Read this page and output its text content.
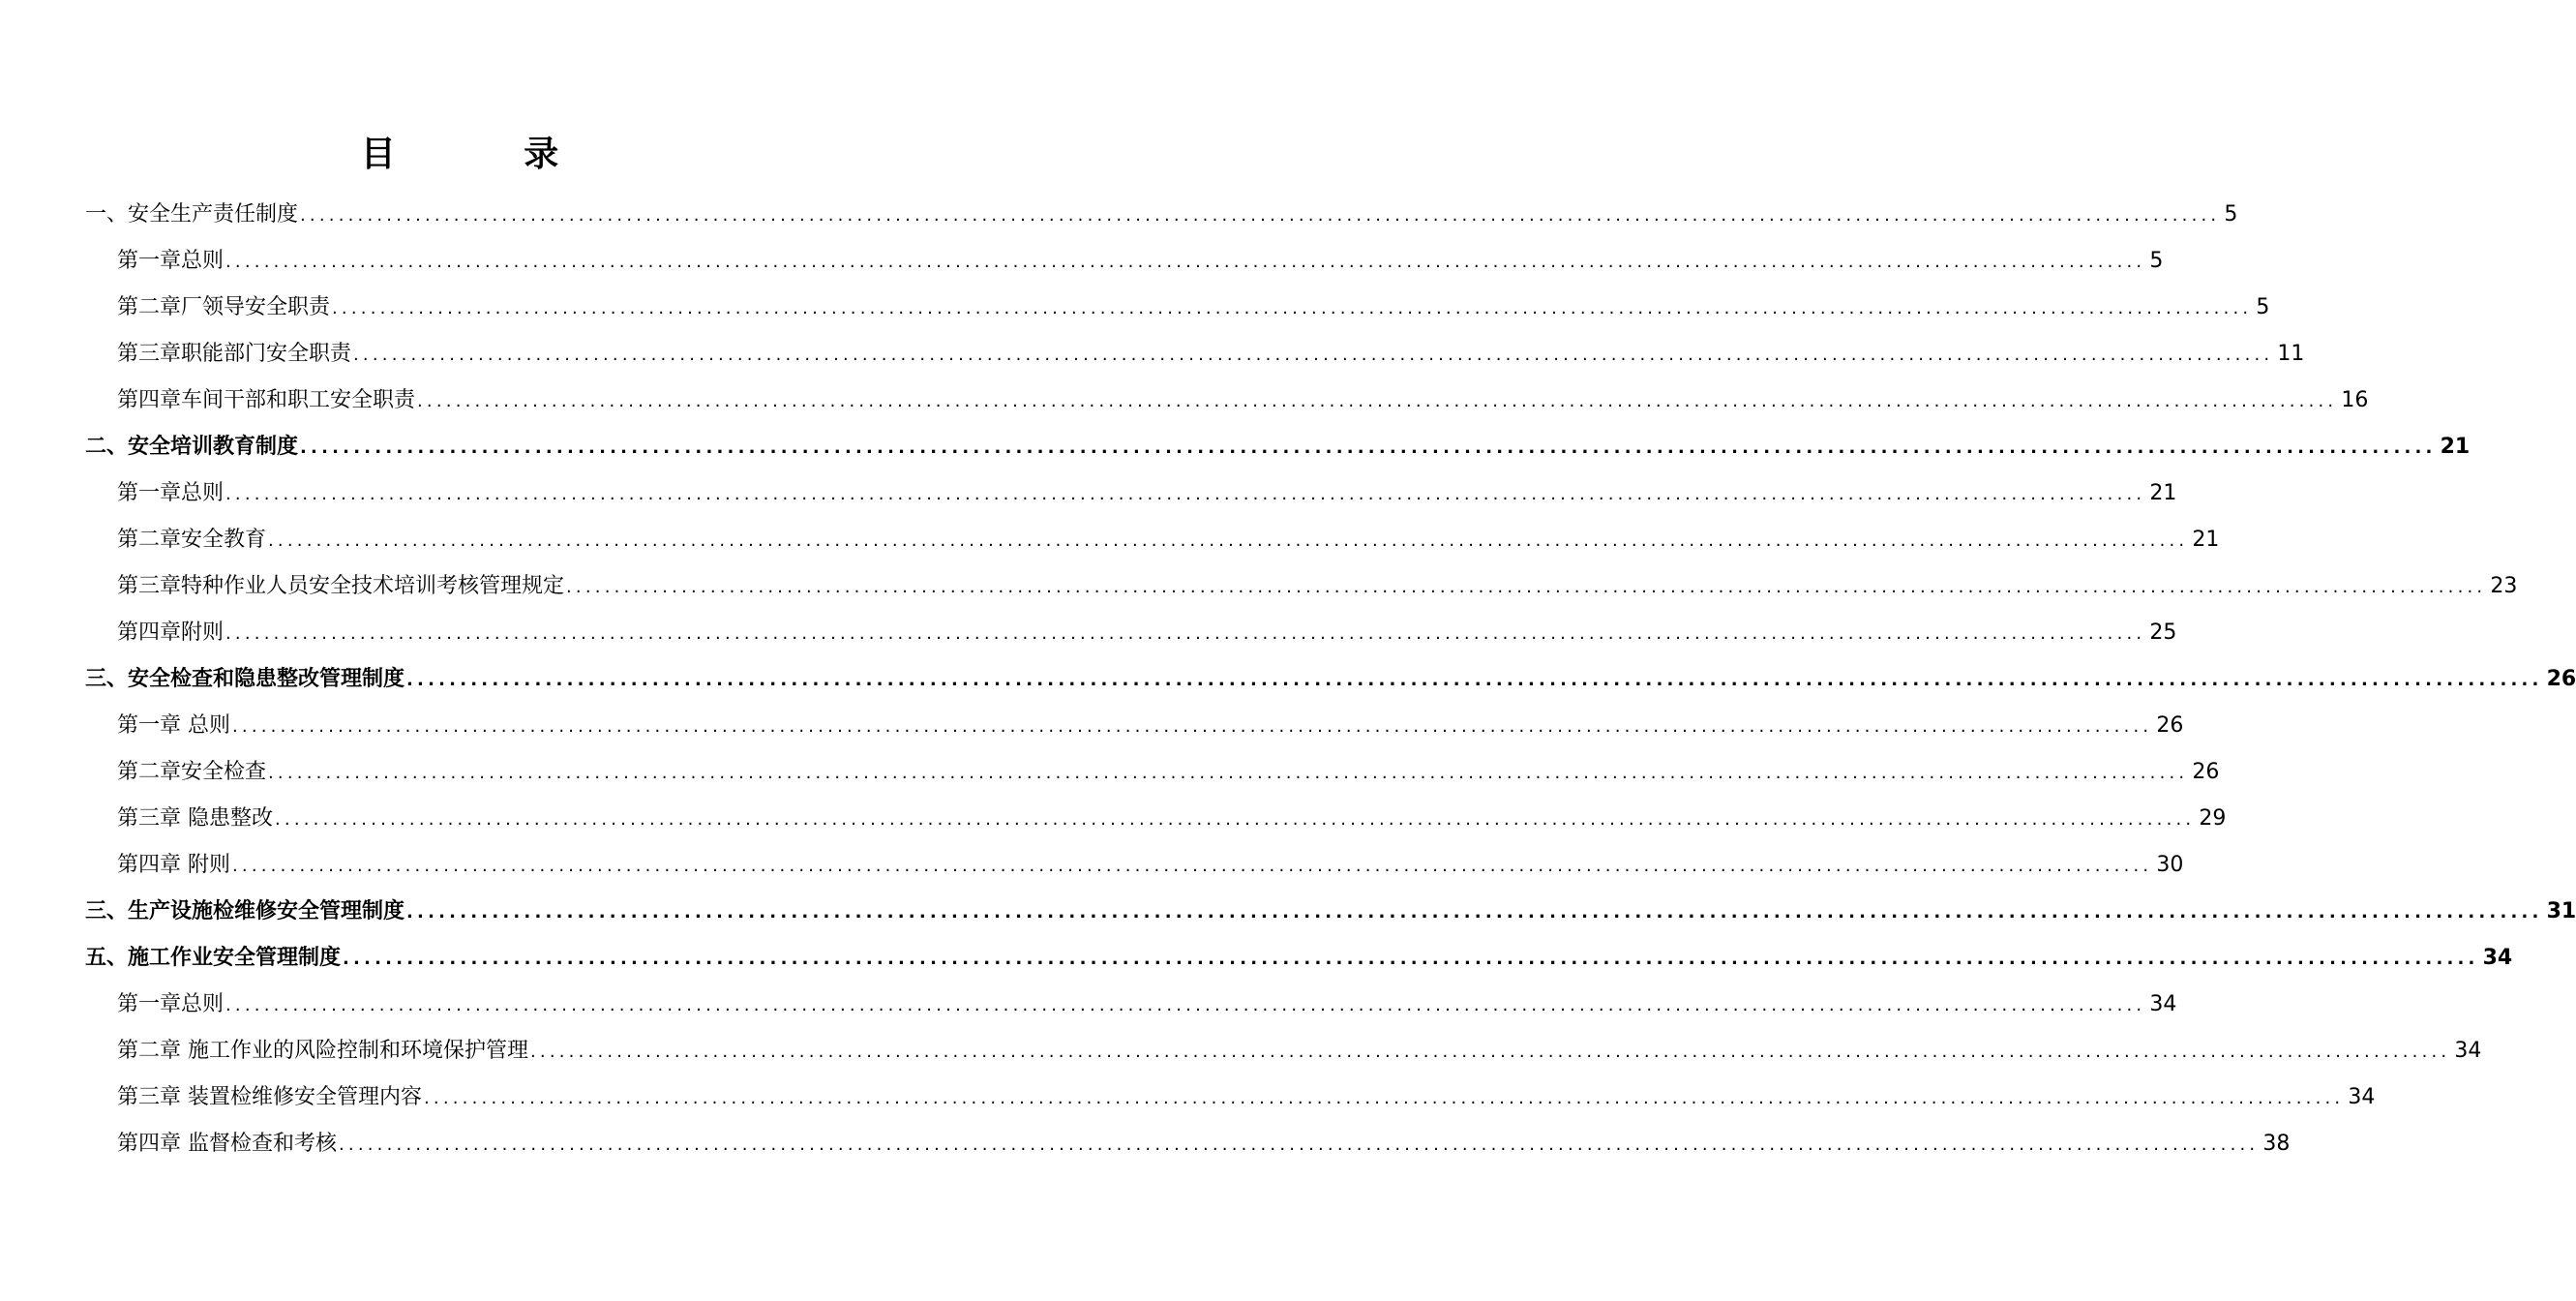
目 录
一、安全生产责任制度 ........................................................................................................................................................................................................ 5
第一章总则 ........................................................................................................................................................................................................ 5
第二章厂领导安全职责 ........................................................................................................................................................................................................ 5
第三章职能部门安全职责 ........................................................................................................................................................................................................ 11
第四章车间干部和职工安全职责 ........................................................................................................................................................................................................ 16
二、安全培训教育制度 ........................................................................................................................................................................................................ 21
第一章总则 ........................................................................................................................................................................................................ 21
第二章安全教育 ........................................................................................................................................................................................................ 21
第三章特种作业人员安全技术培训考核管理规定 ........................................................................................................................................................................................................ 23
第四章附则 ........................................................................................................................................................................................................ 25
三、安全检查和隐患整改管理制度 ........................................................................................................................................................................................................ 26
第一章 总则 ........................................................................................................................................................................................................ 26
第二章安全检查 ........................................................................................................................................................................................................ 26
第三章 隐患整改 ........................................................................................................................................................................................................ 29
第四章 附则 ........................................................................................................................................................................................................ 30
三、生产设施检维修安全管理制度 ........................................................................................................................................................................................................ 31
五、施工作业安全管理制度 ........................................................................................................................................................................................................ 34
第一章总则 ........................................................................................................................................................................................................ 34
第二章 施工作业的风险控制和环境保护管理 ........................................................................................................................................................................................................ 34
第三章 装置检维修安全管理内容 ........................................................................................................................................................................................................ 34
第四章 监督检查和考核 ........................................................................................................................................................................................................ 38
